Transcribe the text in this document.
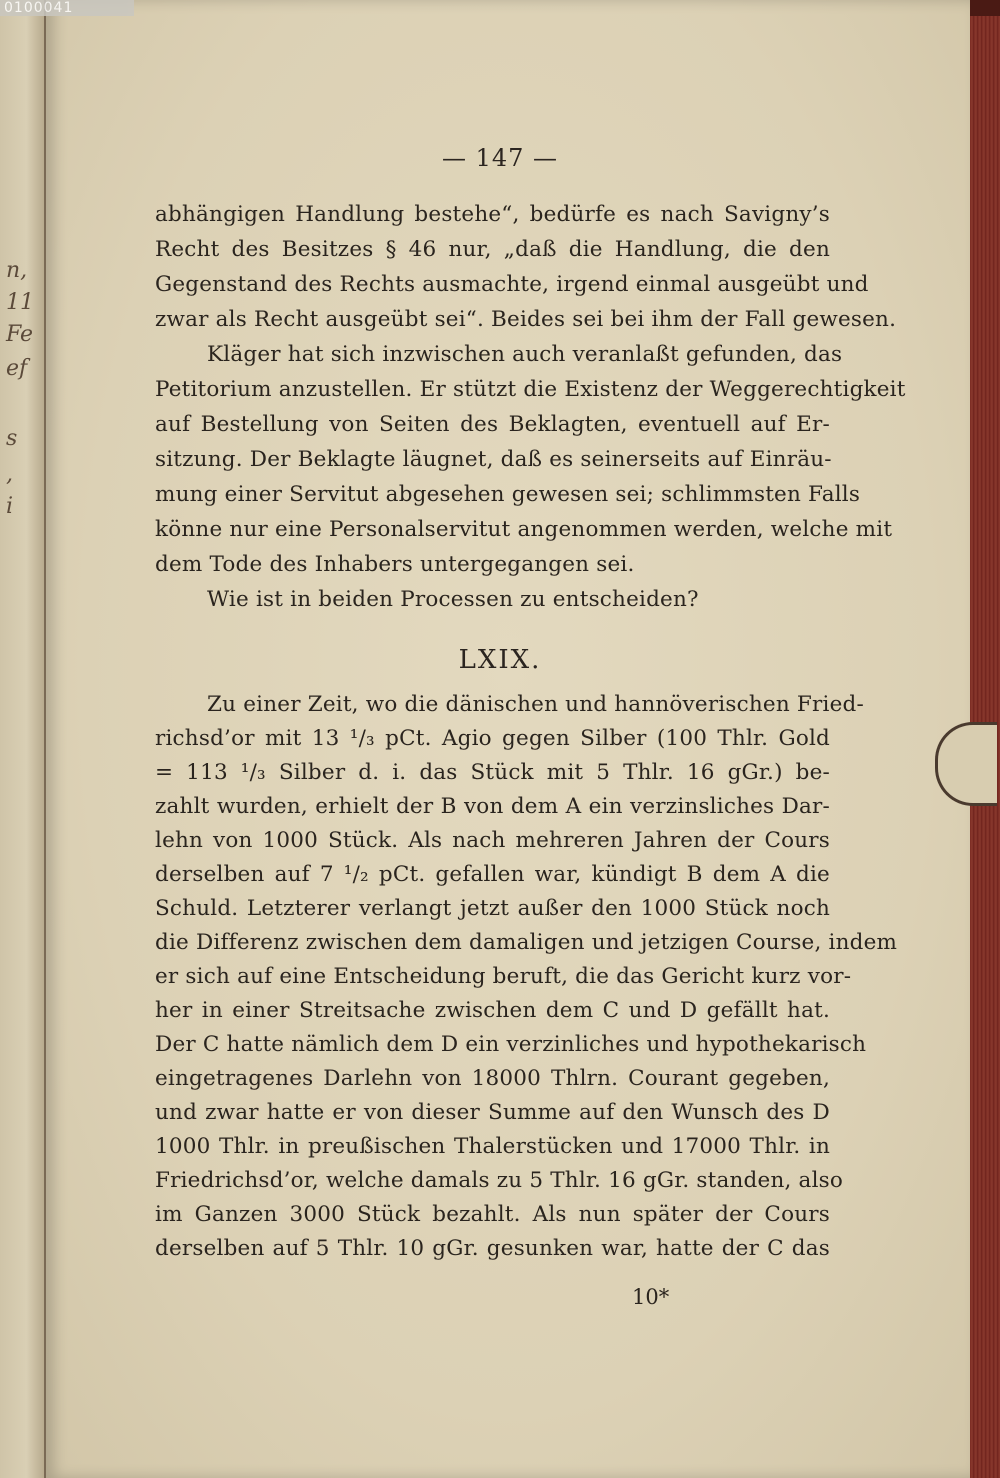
n,
11
Fe
ef
s
,
i
0100041
— 147 —
abhängigen Handlung bestehe“, bedürfe es nach Savigny’s
Recht des Besitzes § 46 nur, „daß die Handlung, die den
Gegenstand des Rechts ausmachte, irgend einmal ausgeübt und
zwar als Recht ausgeübt sei“. Beides sei bei ihm der Fall gewesen.
Kläger hat sich inzwischen auch veranlaßt gefunden, das
Petitorium anzustellen. Er stützt die Existenz der Weggerechtigkeit
auf Bestellung von Seiten des Beklagten, eventuell auf Er-
sitzung. Der Beklagte läugnet, daß es seinerseits auf Einräu-
mung einer Servitut abgesehen gewesen sei; schlimmsten Falls
könne nur eine Personalservitut angenommen werden, welche mit
dem Tode des Inhabers untergegangen sei.
Wie ist in beiden Processen zu entscheiden?
LXIX.
Zu einer Zeit, wo die dänischen und hannöverischen Fried-
richsd’or mit 13 ¹/₃ pCt. Agio gegen Silber (100 Thlr. Gold
= 113 ¹/₃ Silber d. i. das Stück mit 5 Thlr. 16 gGr.) be-
zahlt wurden, erhielt der B von dem A ein verzinsliches Dar-
lehn von 1000 Stück. Als nach mehreren Jahren der Cours
derselben auf 7 ¹/₂ pCt. gefallen war, kündigt B dem A die
Schuld. Letzterer verlangt jetzt außer den 1000 Stück noch
die Differenz zwischen dem damaligen und jetzigen Course, indem
er sich auf eine Entscheidung beruft, die das Gericht kurz vor-
her in einer Streitsache zwischen dem C und D gefällt hat.
Der C hatte nämlich dem D ein verzinliches und hypothekarisch
eingetragenes Darlehn von 18000 Thlrn. Courant gegeben,
und zwar hatte er von dieser Summe auf den Wunsch des D
1000 Thlr. in preußischen Thalerstücken und 17000 Thlr. in
Friedrichsd’or, welche damals zu 5 Thlr. 16 gGr. standen, also
im Ganzen 3000 Stück bezahlt. Als nun später der Cours
derselben auf 5 Thlr. 10 gGr. gesunken war, hatte der C das
10*
